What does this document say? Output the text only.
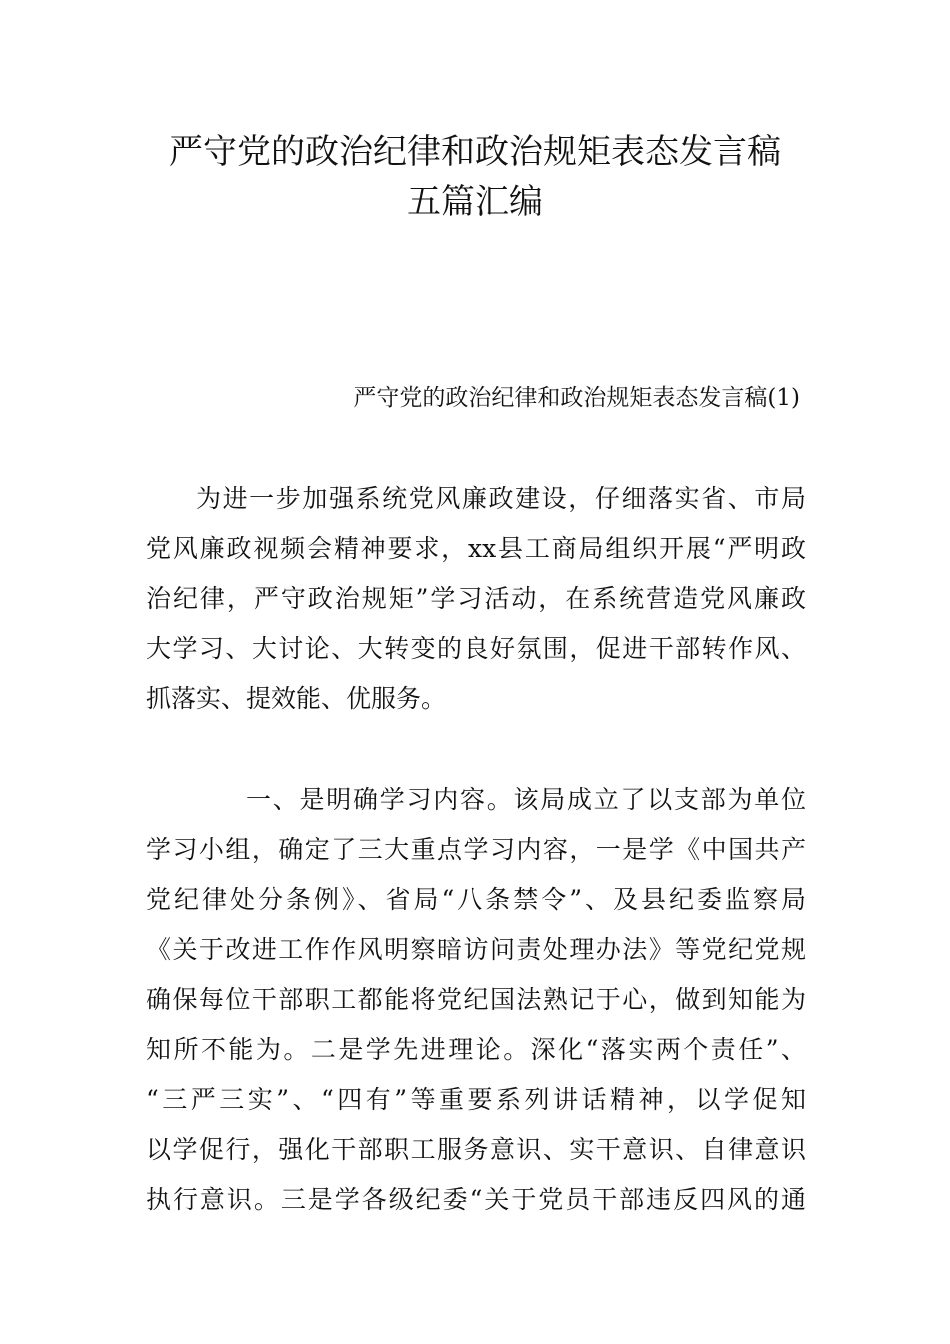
严守党的政治纪律和政治规矩表态发言稿
五篇汇编
严守党的政治纪律和政治规矩表态发言稿(1)
为进一步加强系统党风廉政建设，仔细落实省、市局
党风廉政视频会精神要求，xx县工商局组织开展“严明政
治纪律，严守政治规矩”学习活动，在系统营造党风廉政
大学习、大讨论、大转变的良好氛围，促进干部转作风、
抓落实、提效能、优服务。
一、是明确学习内容。该局成立了以支部为单位
学习小组，确定了三大重点学习内容，一是学《中国共产
党纪律处分条例》、省局“八条禁令”、及县纪委监察局
《关于改进工作作风明察暗访问责处理办法》等党纪党规
确保每位干部职工都能将党纪国法熟记于心，做到知能为
知所不能为。二是学先进理论。深化“落实两个责任”、
“三严三实”、“四有”等重要系列讲话精神，以学促知
以学促行，强化干部职工服务意识、实干意识、自律意识
执行意识。三是学各级纪委“关于党员干部违反四风的通
